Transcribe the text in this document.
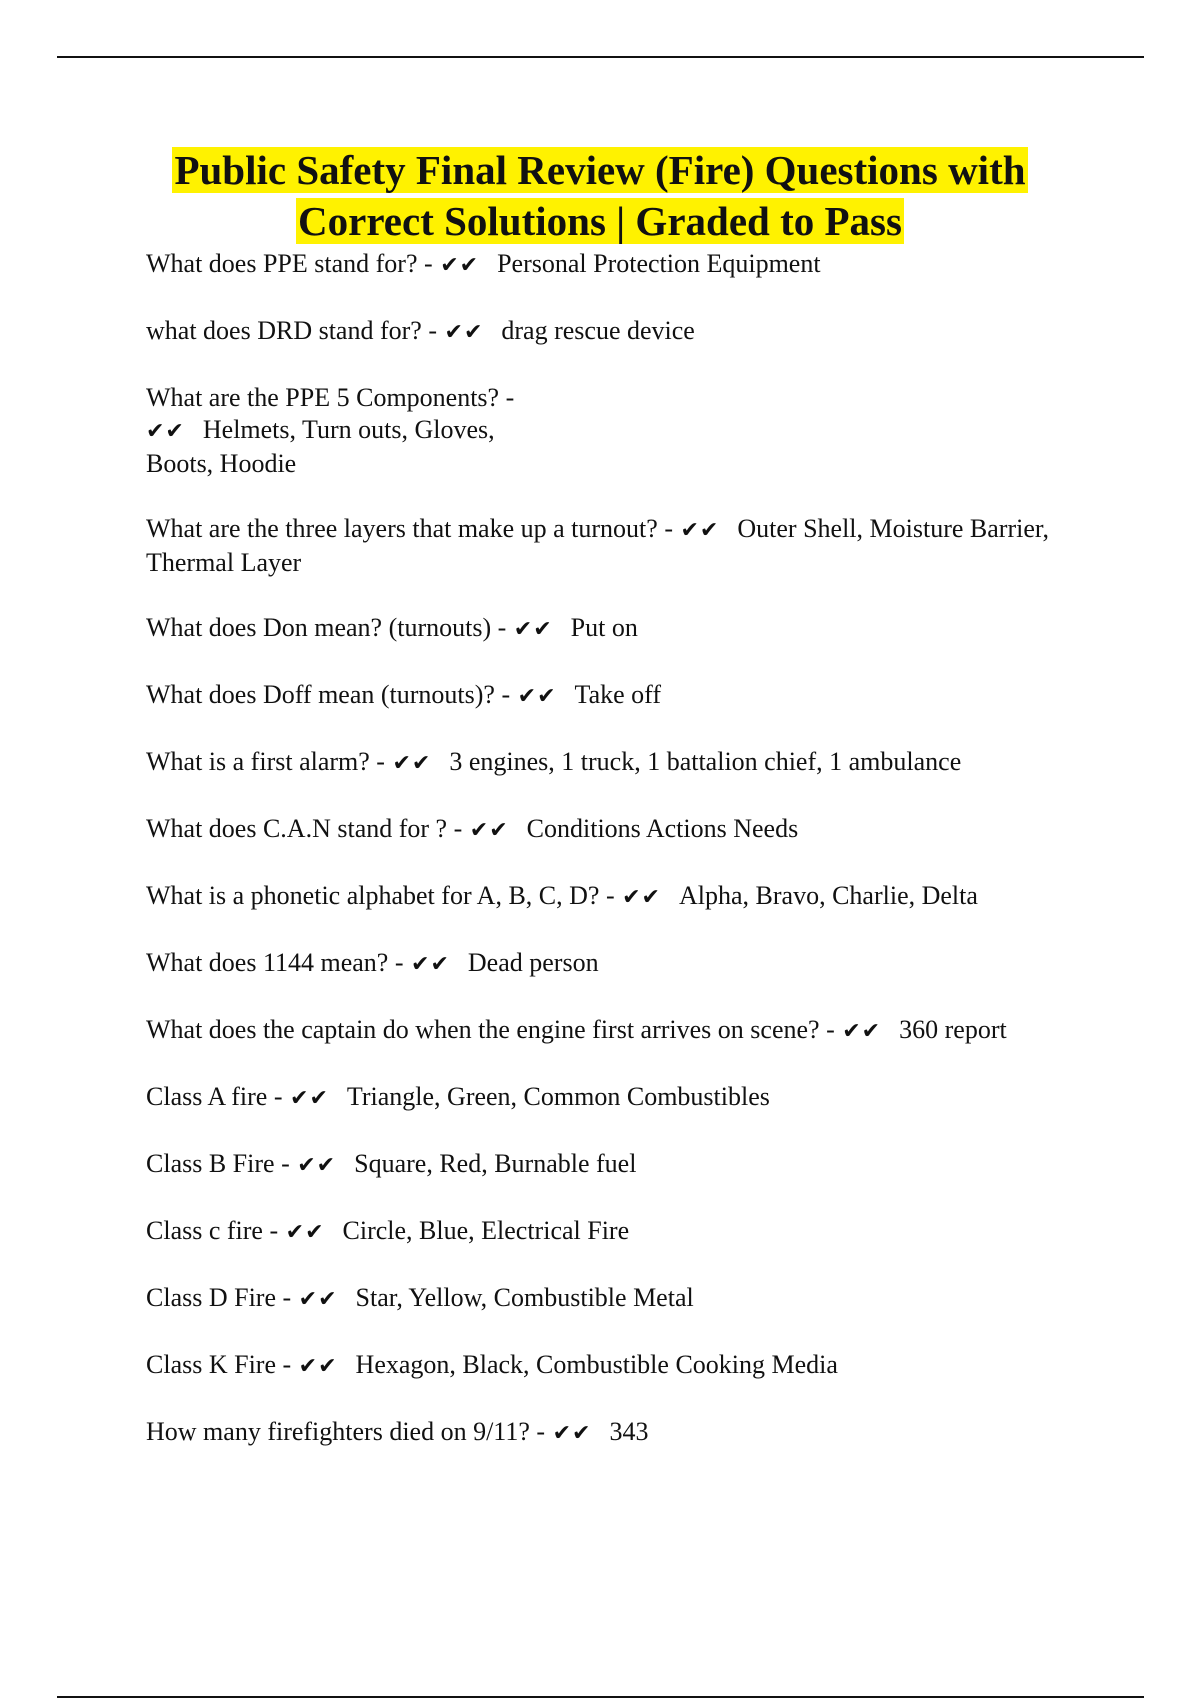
Public Safety Final Review (Fire) Questions with
Correct Solutions | Graded to Pass
What does PPE stand for? - ✔✔ Personal Protection Equipment
what does DRD stand for? - ✔✔ drag rescue device
What are the PPE 5 Components? - ✔✔ Helmets, Turn outs, Gloves, Boots, Hoodie
What are the three layers that make up a turnout? - ✔✔ Outer Shell, Moisture Barrier, Thermal Layer
What does Don mean? (turnouts) - ✔✔ Put on
What does Doff mean (turnouts)? - ✔✔ Take off
What is a first alarm? - ✔✔ 3 engines, 1 truck, 1 battalion chief, 1 ambulance
What does C.A.N stand for ? - ✔✔ Conditions Actions Needs
What is a phonetic alphabet for A, B, C, D? - ✔✔ Alpha, Bravo, Charlie, Delta
What does 1144 mean? - ✔✔ Dead person
What does the captain do when the engine first arrives on scene? - ✔✔ 360 report
Class A fire - ✔✔ Triangle, Green, Common Combustibles
Class B Fire - ✔✔ Square, Red, Burnable fuel
Class c fire - ✔✔ Circle, Blue, Electrical Fire
Class D Fire - ✔✔ Star, Yellow, Combustible Metal
Class K Fire - ✔✔ Hexagon, Black, Combustible Cooking Media
How many firefighters died on 9/11? - ✔✔ 343
